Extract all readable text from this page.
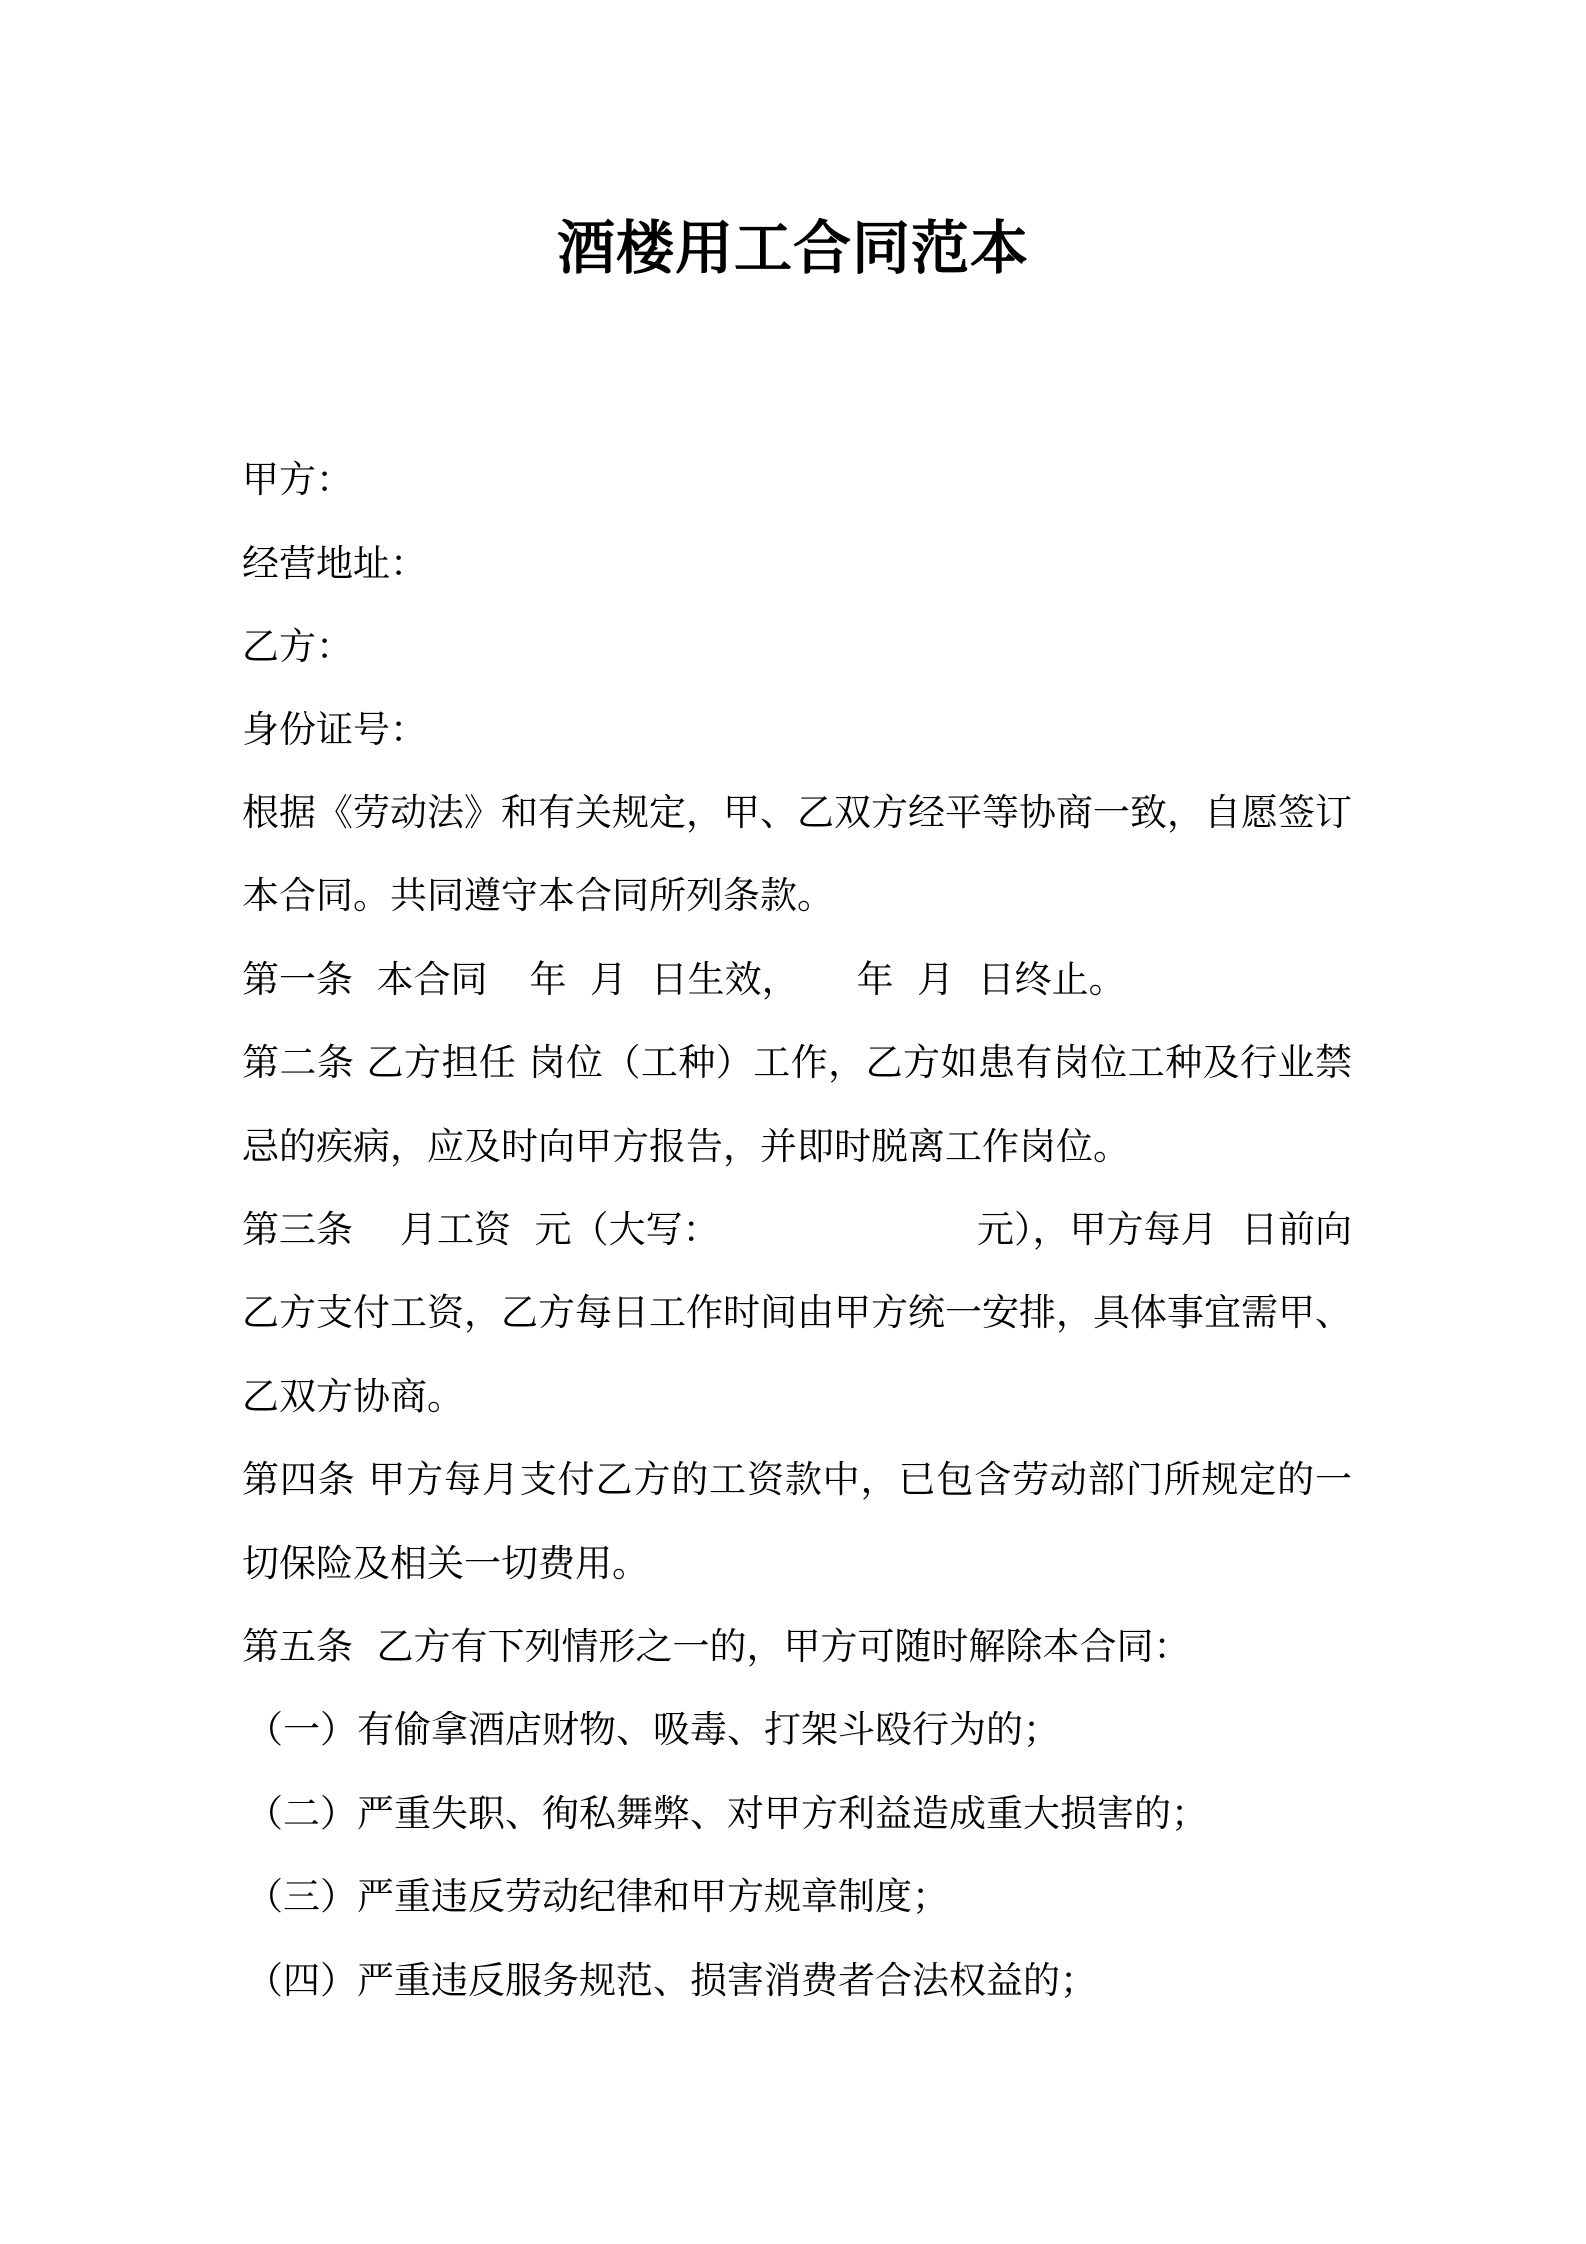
酒楼用工合同范本
甲方：
经营地址：
乙方：
身份证号：
根据《劳动法》和有关规定，甲、乙双方经平等协商一致，自愿签订
本合同。共同遵守本合同所列条款。
第一条  本合同 年  月  日生效， 年  月  日终止。
第二条 乙方担任 岗位（工种）工作，乙方如患有岗位工种及行业禁
忌的疾病，应及时向甲方报告，并即时脱离工作岗位。
第三条    月工资  元（大写：	元），甲方每月  日前向
乙方支付工资，乙方每日工作时间由甲方统一安排，具体事宜需甲、
乙双方协商。
第四条 甲方每月支付乙方的工资款中，已包含劳动部门所规定的一
切保险及相关一切费用。
第五条  乙方有下列情形之一的，甲方可随时解除本合同：
（一）有偷拿酒店财物、吸毒、打架斗殴行为的；
（二）严重失职、徇私舞弊、对甲方利益造成重大损害的；
（三）严重违反劳动纪律和甲方规章制度；
（四）严重违反服务规范、损害消费者合法权益的；
